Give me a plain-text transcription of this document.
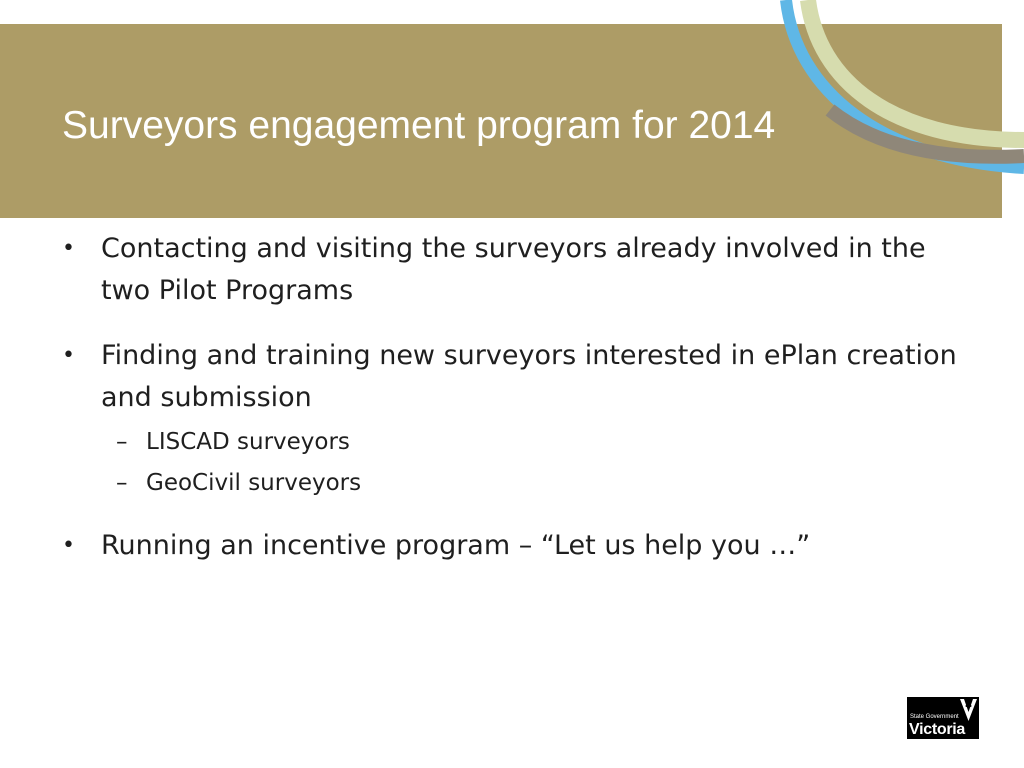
Surveyors engagement program for 2014
• Contacting and visiting the surveyors already involved in the two Pilot Programs
• Finding and training new surveyors interested in ePlan creation and submission
– LISCAD surveyors
– GeoCivil surveyors
• Running an incentive program – “Let us help you …”
State Government
Victoria
